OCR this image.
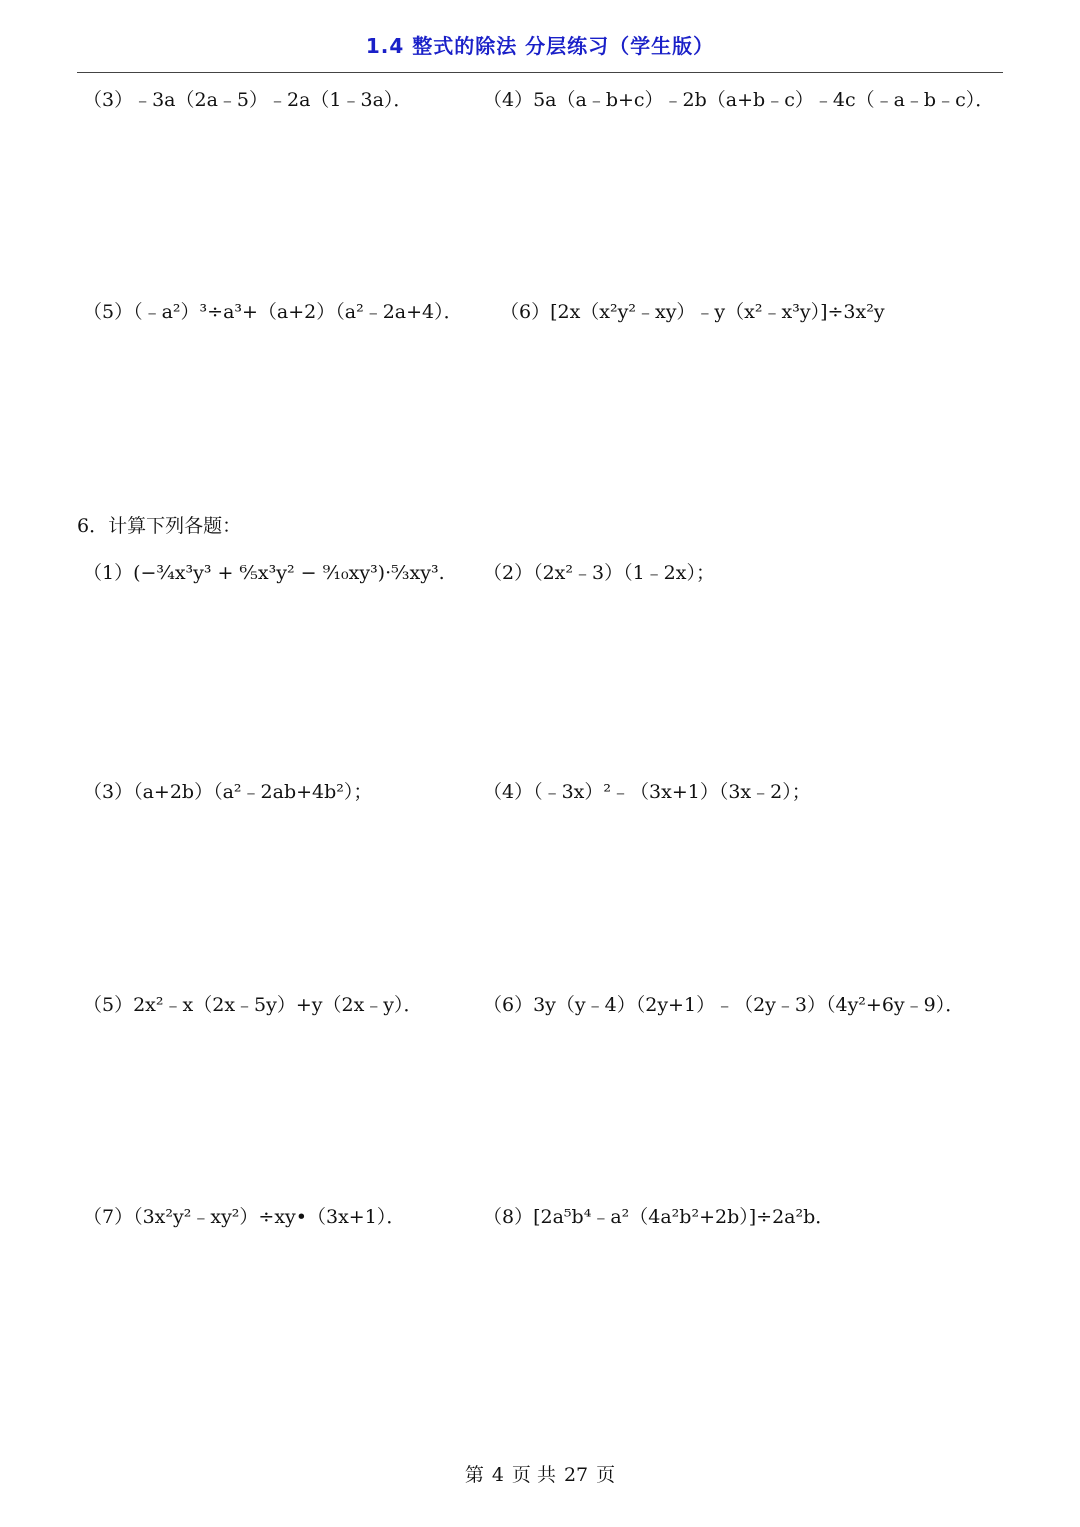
1.4 整式的除法 分层练习（学生版）
（3）﹣3a（2a﹣5）﹣2a（1﹣3a）．	（4）5a（a﹣b+c）﹣2b（a+b﹣c）﹣4c（﹣a﹣b﹣c）．
（5）（﹣a²）³÷a³+（a+2）（a²﹣2a+4）． （6）[2x（x²y²﹣xy）﹣y（x²﹣x³y）]÷3x²y
6．计算下列各题：
（1）(−³⁄₄x³y³ + ⁶⁄₅x³y² − ⁹⁄₁₀xy³)·⁵⁄₃xy³. （2）（2x²﹣3）（1﹣2x）；
（3）（a+2b）（a²﹣2ab+4b²）；	（4）（﹣3x）²﹣（3x+1）（3x﹣2）；
（5）2x²﹣x（2x﹣5y）+y（2x﹣y）．	（6）3y（y﹣4）（2y+1）﹣（2y﹣3）（4y²+6y﹣9）．
（7）（3x²y²﹣xy²）÷xy•（3x+1）．	（8）[2a⁵b⁴﹣a²（4a²b²+2b）]÷2a²b．
第 4 页 共 27 页
